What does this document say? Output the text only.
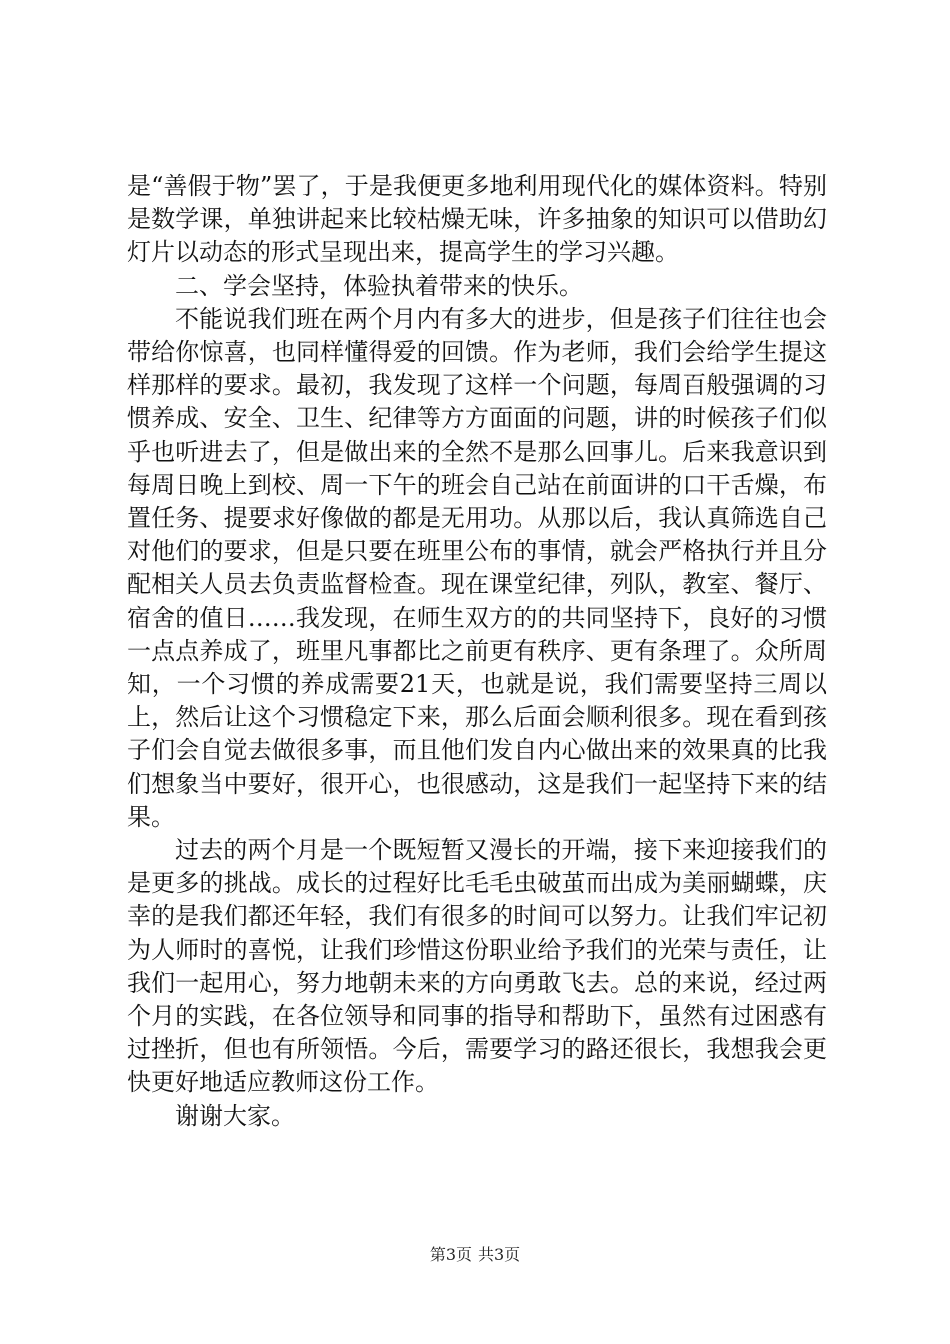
是“善假于物”罢了，于是我便更多地利用现代化的媒体资料。特别是数学课，单独讲起来比较枯燥无味，许多抽象的知识可以借助幻灯片以动态的形式呈现出来，提高学生的学习兴趣。

二、学会坚持，体验执着带来的快乐。

不能说我们班在两个月内有多大的进步，但是孩子们往往也会带给你惊喜，也同样懂得爱的回馈。作为老师，我们会给学生提这样那样的要求。最初，我发现了这样一个问题，每周百般强调的习惯养成、安全、卫生、纪律等方方面面的问题，讲的时候孩子们似乎也听进去了，但是做出来的全然不是那么回事儿。后来我意识到每周日晚上到校、周一下午的班会自己站在前面讲的口干舌燥，布置任务、提要求好像做的都是无用功。从那以后，我认真筛选自己对他们的要求，但是只要在班里公布的事情，就会严格执行并且分配相关人员去负责监督检查。现在课堂纪律，列队，教室、餐厅、宿舍的值日……我发现，在师生双方的的共同坚持下，良好的习惯一点点养成了，班里凡事都比之前更有秩序、更有条理了。众所周知，一个习惯的养成需要21天，也就是说，我们需要坚持三周以上，然后让这个习惯稳定下来，那么后面会顺利很多。现在看到孩子们会自觉去做很多事，而且他们发自内心做出来的效果真的比我们想象当中要好，很开心，也很感动，这是我们一起坚持下来的结果。

过去的两个月是一个既短暂又漫长的开端，接下来迎接我们的是更多的挑战。成长的过程好比毛毛虫破茧而出成为美丽蝴蝶，庆幸的是我们都还年轻，我们有很多的时间可以努力。让我们牢记初为人师时的喜悦，让我们珍惜这份职业给予我们的光荣与责任，让我们一起用心，努力地朝未来的方向勇敢飞去。总的来说，经过两个月的实践，在各位领导和同事的指导和帮助下，虽然有过困惑有过挫折，但也有所领悟。今后，需要学习的路还很长，我想我会更快更好地适应教师这份工作。

谢谢大家。

第3页 共3页
